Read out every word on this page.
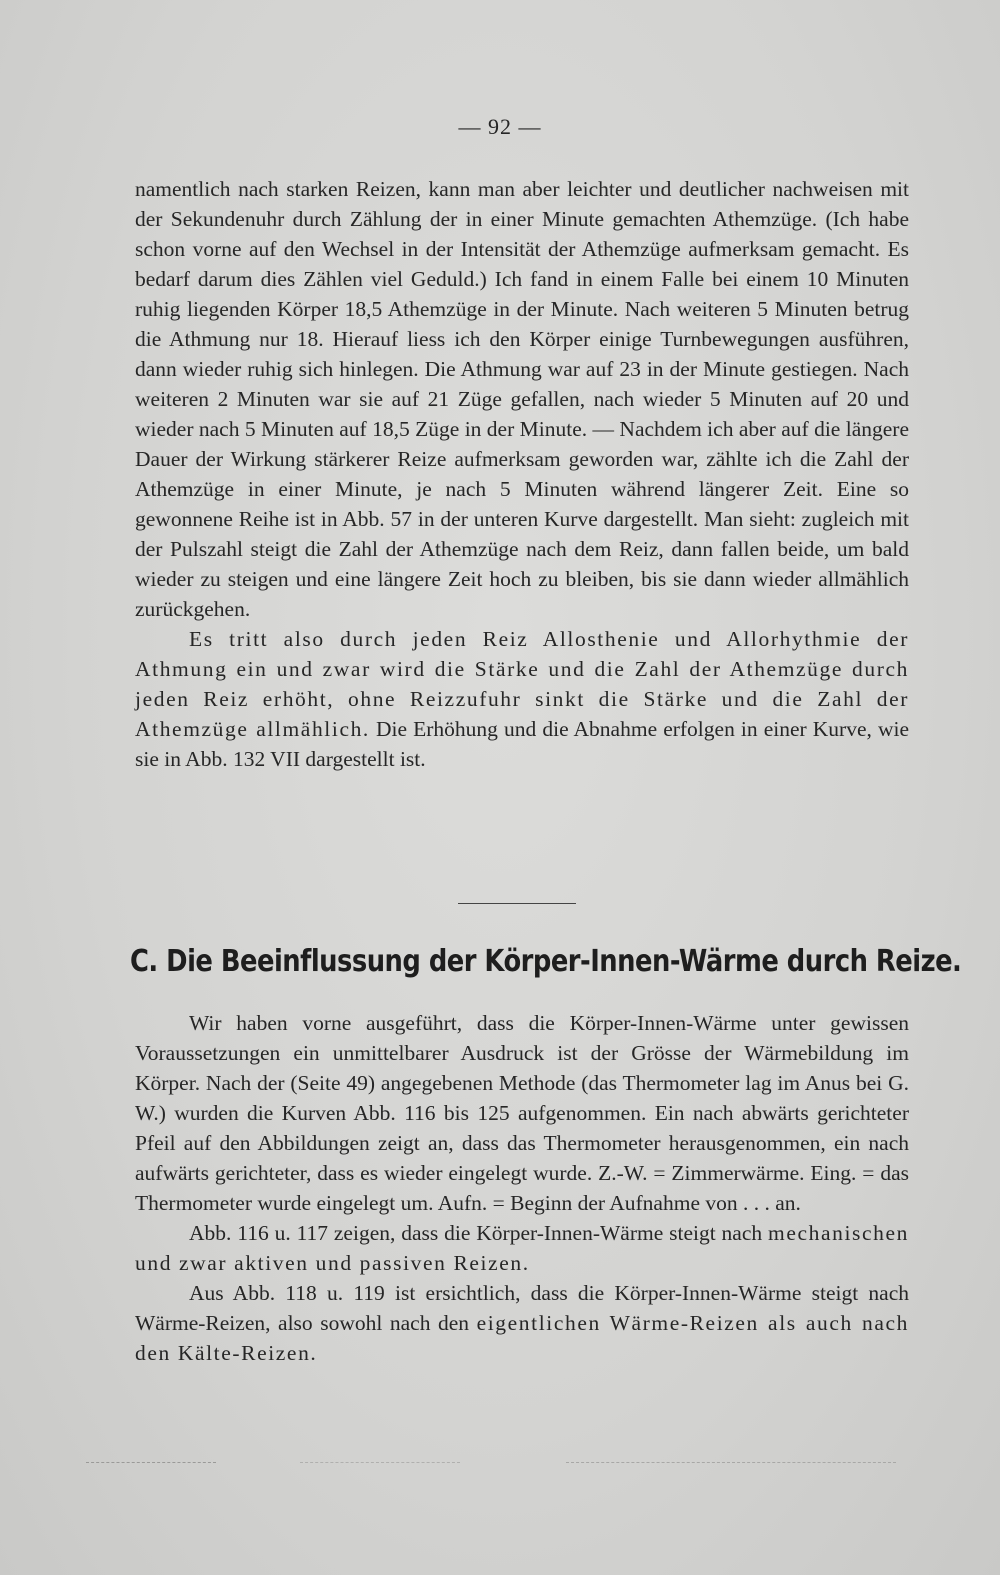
— 92 —

namentlich nach starken Reizen, kann man aber leichter und deutlicher nachweisen mit der Sekundenuhr durch Zählung der in einer Minute gemachten Athemzüge. (Ich habe schon vorne auf den Wechsel in der Intensität der Athemzüge aufmerksam gemacht. Es bedarf darum dies Zählen viel Geduld.) Ich fand in einem Falle bei einem 10 Minuten ruhig liegenden Körper 18,5 Athemzüge in der Minute. Nach weiteren 5 Minuten betrug die Athmung nur 18. Hierauf liess ich den Körper einige Turnbewegungen ausführen, dann wieder ruhig sich hinlegen. Die Athmung war auf 23 in der Minute gestiegen. Nach weiteren 2 Minuten war sie auf 21 Züge gefallen, nach wieder 5 Minuten auf 20 und wieder nach 5 Minuten auf 18,5 Züge in der Minute. — Nachdem ich aber auf die längere Dauer der Wirkung stärkerer Reize aufmerksam geworden war, zählte ich die Zahl der Athemzüge in einer Minute, je nach 5 Minuten während längerer Zeit. Eine so gewonnene Reihe ist in Abb. 57 in der unteren Kurve dargestellt. Man sieht: zugleich mit der Pulszahl steigt die Zahl der Athemzüge nach dem Reiz, dann fallen beide, um bald wieder zu steigen und eine längere Zeit hoch zu bleiben, bis sie dann wieder allmählich zurückgehen.

Es tritt also durch jeden Reiz Allosthenie und Allorhythmie der Athmung ein und zwar wird die Stärke und die Zahl der Athemzüge durch jeden Reiz erhöht, ohne Reizzufuhr sinkt die Stärke und die Zahl der Athemzüge allmählich. Die Erhöhung und die Abnahme erfolgen in einer Kurve, wie sie in Abb. 132 VII dargestellt ist.

C. Die Beeinflussung der Körper-Innen-Wärme durch Reize.

Wir haben vorne ausgeführt, dass die Körper-Innen-Wärme unter gewissen Voraussetzungen ein unmittelbarer Ausdruck ist der Grösse der Wärmebildung im Körper. Nach der (Seite 49) angegebenen Methode (das Thermometer lag im Anus bei G. W.) wurden die Kurven Abb. 116 bis 125 aufgenommen. Ein nach abwärts gerichteter Pfeil auf den Abbildungen zeigt an, dass das Thermometer herausgenommen, ein nach aufwärts gerichteter, dass es wieder eingelegt wurde. Z.-W. = Zimmerwärme. Eing. = das Thermometer wurde eingelegt um. Aufn. = Beginn der Aufnahme von . . . an.

Abb. 116 u. 117 zeigen, dass die Körper-Innen-Wärme steigt nach mechanischen und zwar aktiven und passiven Reizen.

Aus Abb. 118 u. 119 ist ersichtlich, dass die Körper-Innen-Wärme steigt nach Wärme-Reizen, also sowohl nach den eigentlichen Wärme-Reizen als auch nach den Kälte-Reizen.
